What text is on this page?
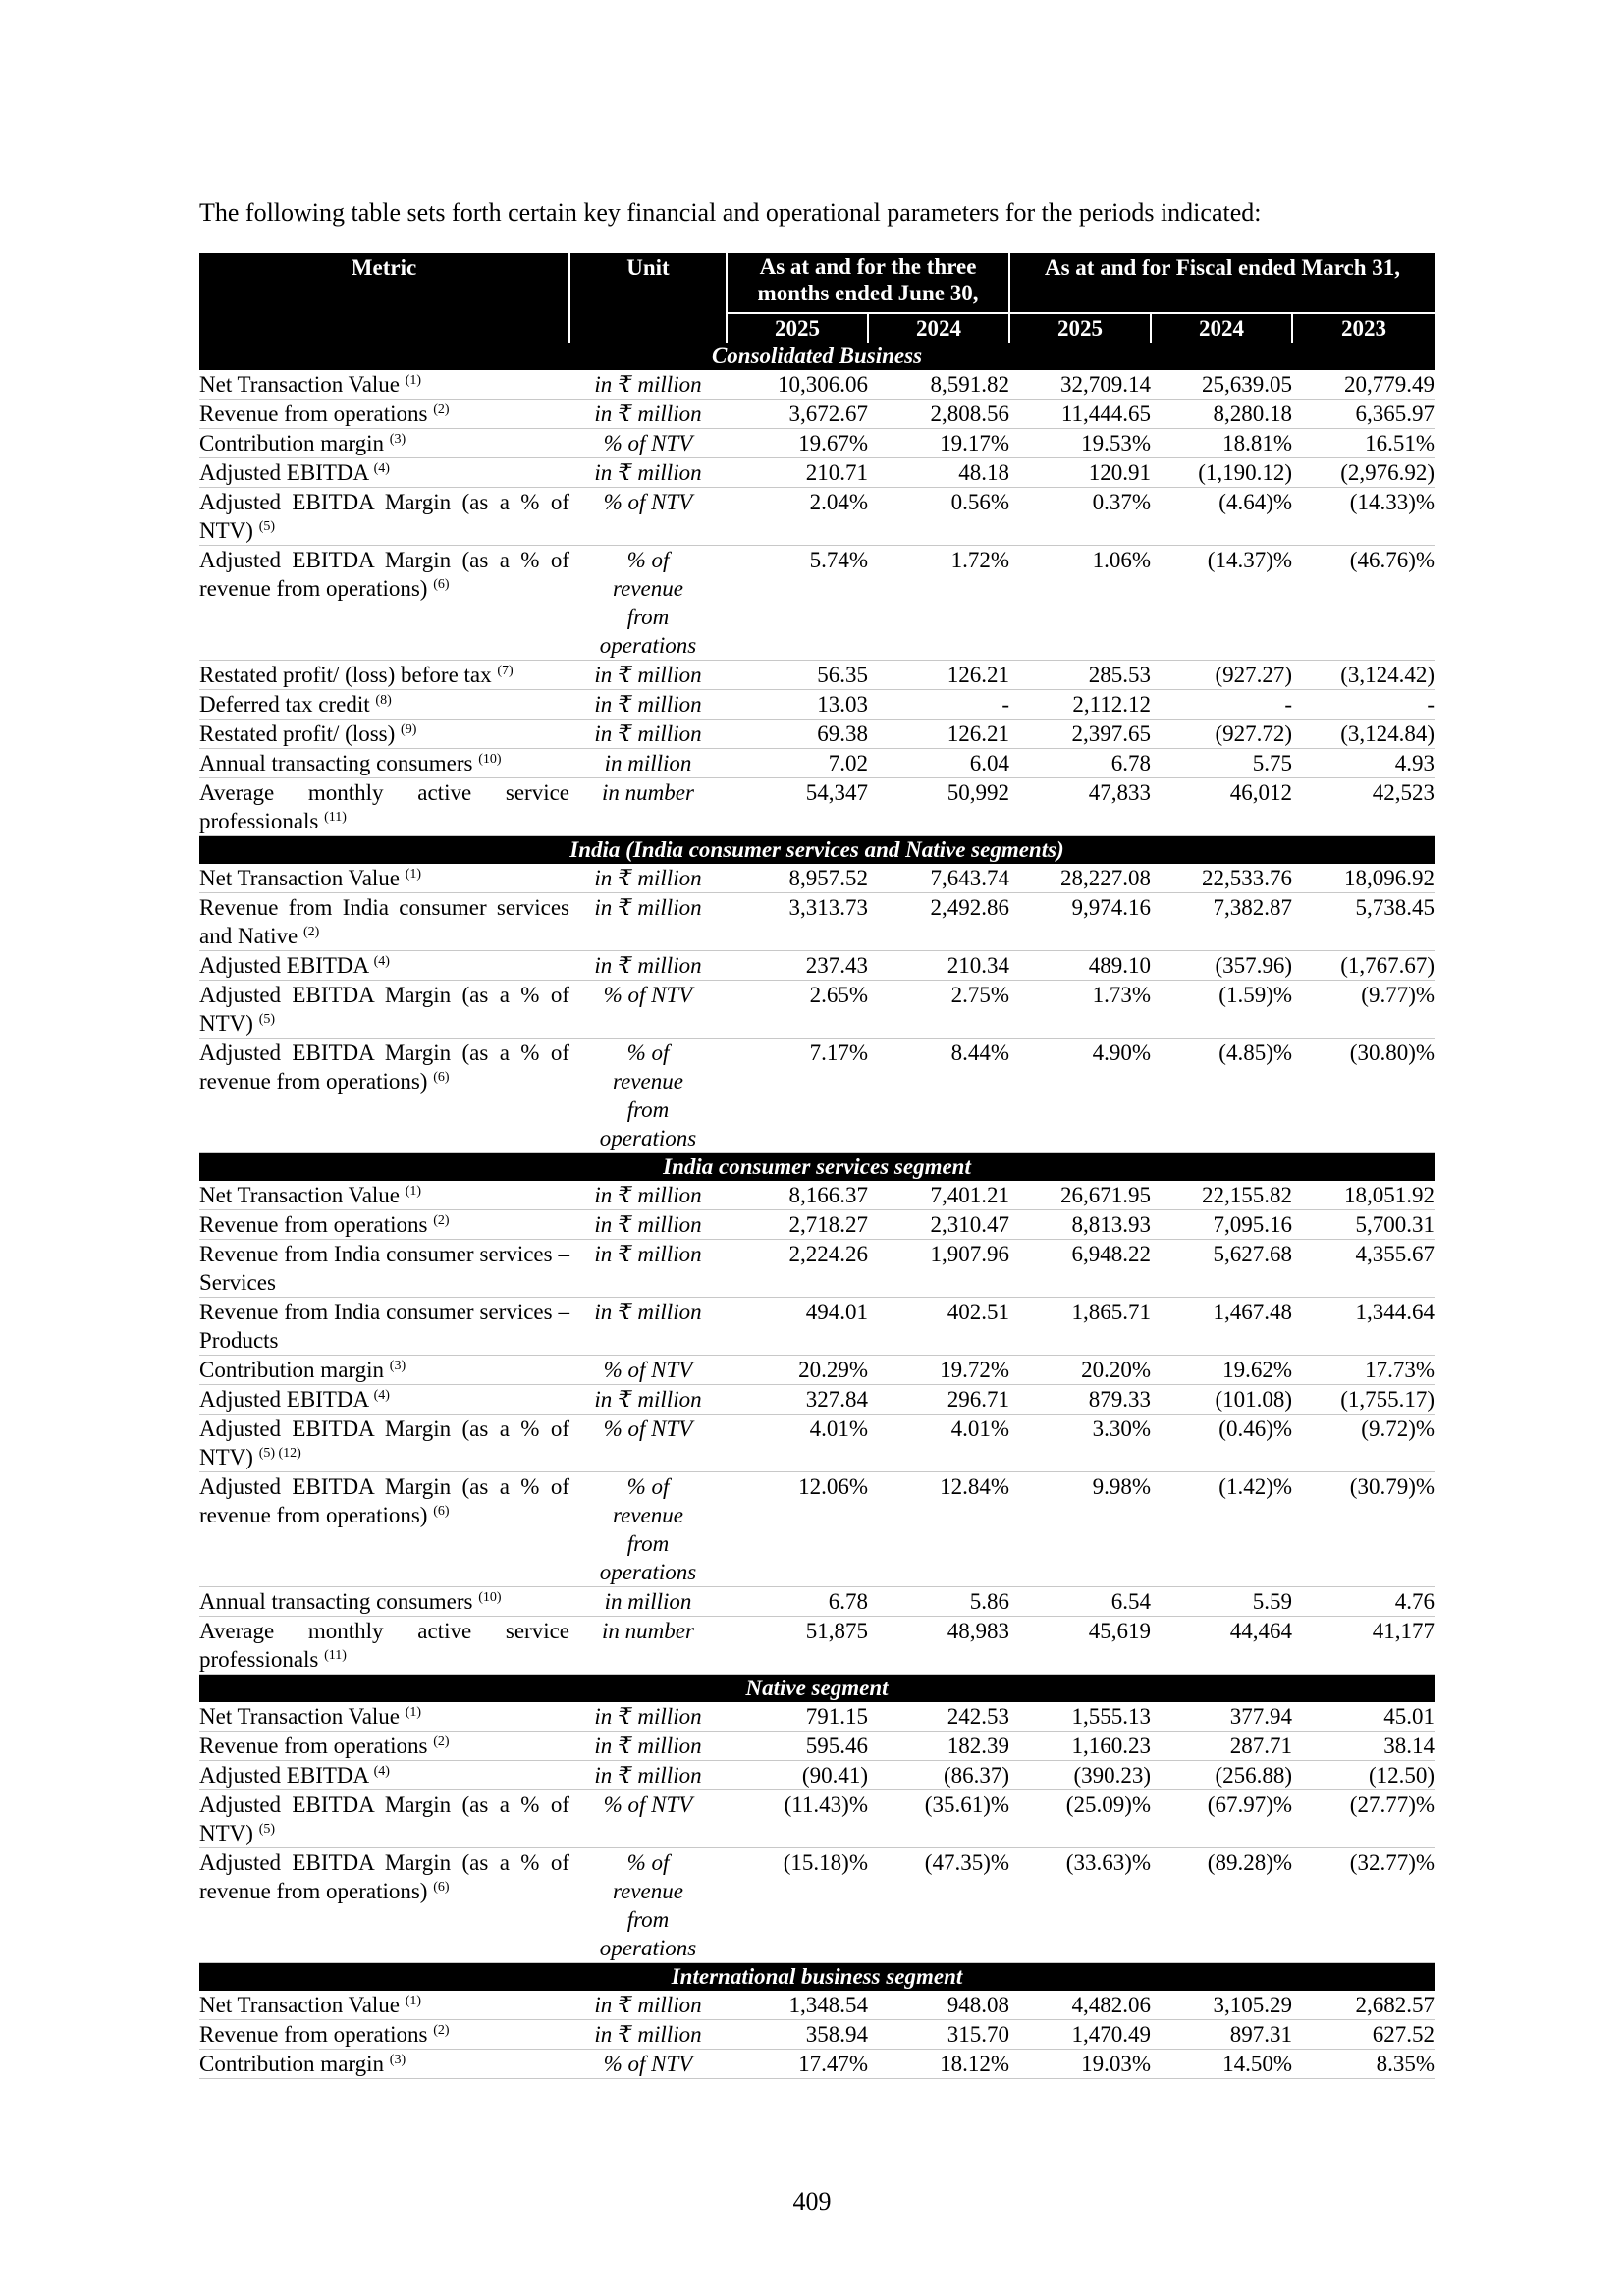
The following table sets forth certain key financial and operational parameters for the periods indicated:

Metric	Unit	As at and for the three months ended June 30,		As at and for Fiscal ended March 31,		

		2025	2024	2025	2024	2023
Consolidated Business						
Net Transaction Value $^{(1)}$	in ₹ million	10,306.06	8,591.82	32,709.14	25,639.05	20,779.49
Revenue from operations $^{(2)}$	in ₹ million	3,672.67	2,808.56	11,444.65	8,280.18	6,365.97
Contribution margin $^{(3)}$	% of NTV	19.67%	19.17%	19.53%	18.81%	16.51%
Adjusted EBITDA $^{(4)}$	in ₹ million	210.71	48.18	120.91	(1,190.12)	(2,976.92)
Adjusted EBITDA Margin (as a % of NTV) $^{(5)}$	% of NTV	2.04%	0.56%	0.37%	(4.64)%	(14.33)%
Adjusted EBITDA Margin (as a % of revenue from operations) $^{(6)}$	% of revenue from operations	5.74%	1.72%	1.06%	(14.37)%	(46.76)%
Restated profit/ (loss) before tax $^{(7)}$	in ₹ million	56.35	126.21	285.53	(927.27)	(3,124.42)
Deferred tax credit $^{(8)}$	in ₹ million	13.03	-	2,112.12	-	-
Restated profit/ (loss) $^{(9)}$	in ₹ million	69.38	126.21	2,397.65	(927.72)	(3,124.84)
Annual transacting consumers $^{(10)}$	in million	7.02	6.04	6.78	5.75	4.93
Average monthly active service professionals $^{(11)}$	in number	54,347	50,992	47,833	46,012	42,523
India (India consumer services and Native segments)						
Net Transaction Value $^{(1)}$	in ₹ million	8,957.52	7,643.74	28,227.08	22,533.76	18,096.92
Revenue from India consumer services and Native $^{(2)}$	in ₹ million	3,313.73	2,492.86	9,974.16	7,382.87	5,738.45
Adjusted EBITDA $^{(4)}$	in ₹ million	237.43	210.34	489.10	(357.96)	(1,767.67)
Adjusted EBITDA Margin (as a % of NTV) $^{(5)}$	% of NTV	2.65%	2.75%	1.73%	(1.59)%	(9.77)%
Adjusted EBITDA Margin (as a % of revenue from operations) $^{(6)}$	% of revenue from operations	7.17%	8.44%	4.90%	(4.85)%	(30.80)%
India consumer services segment						
Net Transaction Value $^{(1)}$	in ₹ million	8,166.37	7,401.21	26,671.95	22,155.82	18,051.92
Revenue from operations $^{(2)}$	in ₹ million	2,718.27	2,310.47	8,813.93	7,095.16	5,700.31
Revenue from India consumer services – Services	in ₹ million	2,224.26	1,907.96	6,948.22	5,627.68	4,355.67
Revenue from India consumer services – Products	in ₹ million	494.01	402.51	1,865.71	1,467.48	1,344.64
Contribution margin $^{(3)}$	% of NTV	20.29%	19.72%	20.20%	19.62%	17.73%
Adjusted EBITDA $^{(4)}$	in ₹ million	327.84	296.71	879.33	(101.08)	(1,755.17)
Adjusted EBITDA Margin (as a % of NTV) $^{(5) (12)}$	% of NTV	4.01%	4.01%	3.30%	(0.46)%	(9.72)%
Adjusted EBITDA Margin (as a % of revenue from operations) $^{(6)}$	% of revenue from operations	12.06%	12.84%	9.98%	(1.42)%	(30.79)%
Annual transacting consumers $^{(10)}$	in million	6.78	5.86	6.54	5.59	4.76
Average monthly active service professionals $^{(11)}$	in number	51,875	48,983	45,619	44,464	41,177
Native segment						
Net Transaction Value $^{(1)}$	in ₹ million	791.15	242.53	1,555.13	377.94	45.01
Revenue from operations $^{(2)}$	in ₹ million	595.46	182.39	1,160.23	287.71	38.14
Adjusted EBITDA $^{(4)}$	in ₹ million	(90.41)	(86.37)	(390.23)	(256.88)	(12.50)
Adjusted EBITDA Margin (as a % of NTV) $^{(5)}$	% of NTV	(11.43)%	(35.61)%	(25.09)%	(67.97)%	(27.77)%
Adjusted EBITDA Margin (as a % of revenue from operations) $^{(6)}$	% of revenue from operations	(15.18)%	(47.35)%	(33.63)%	(89.28)%	(32.77)%
International business segment						
Net Transaction Value $^{(1)}$	in ₹ million	1,348.54	948.08	4,482.06	3,105.29	2,682.57
Revenue from operations $^{(2)}$	in ₹ million	358.94	315.70	1,470.49	897.31	627.52
Contribution margin $^{(3)}$	% of NTV	17.47%	18.12%	19.03%	14.50%	8.35%
409
